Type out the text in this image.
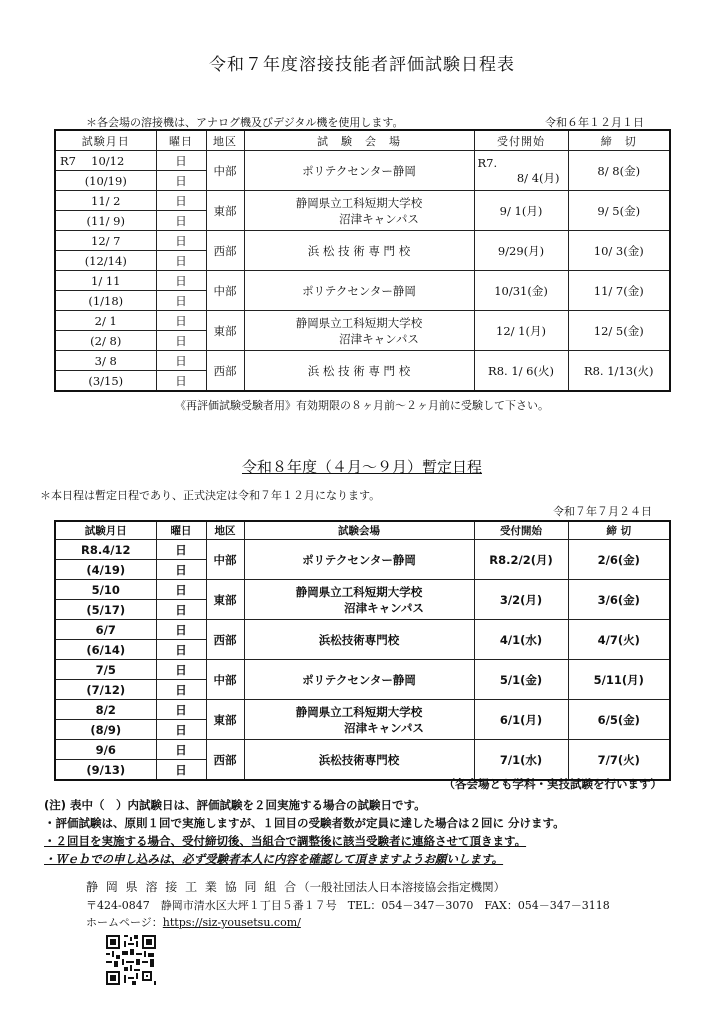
令和７年度溶接技能者評価試験日程表
＊各会場の溶接機は、アナログ機及びデジタル機を使用します。	令和６年１２月１日
試験月日	曜日	地区	試　験　会　場	受付開始	締　切
R7　 10/12	日	中部	ポリテクセンター静岡	R7.
8/ 4(月)	8/ 8(金)
(10/19)	日				
11/ 2	日	東部	静岡県立工科短期大学校
沼津キャンパス	9/ 1(月)	9/ 5(金)
(11/ 9)	日				
12/ 7	日	西部	浜 松 技 術 専 門 校	9/29(月)	10/ 3(金)
(12/14)	日				
1/ 11	日	中部	ポリテクセンター静岡	10/31(金)	11/ 7(金)
(1/18)	日				
2/ 1	日	東部	静岡県立工科短期大学校
沼津キャンパス	12/ 1(月)	12/ 5(金)
(2/ 8)	日				
3/ 8	日	西部	浜 松 技 術 専 門 校	R8. 1/ 6(火)	R8. 1/13(火)
(3/15)	日				
《再評価試験受験者用》有効期限の８ヶ月前～２ヶ月前に受験して下さい。
令和８年度（４月～９月）暫定日程
＊本日程は暫定日程であり、正式決定は令和７年１２月になります。
令和７年７月２４日
試験月日	曜日	地区	試験会場	受付開始	締 切
R8.4/12	日	中部	ポリテクセンター静岡	R8.2/2(月)	2/6(金)
(4/19)	日				
5/10	日	東部	静岡県立工科短期大学校
沼津キャンパス	3/2(月)	3/6(金)
(5/17)	日				
6/7	日	西部	浜松技術専門校	4/1(水)	4/7(火)
(6/14)	日				
7/5	日	中部	ポリテクセンター静岡	5/1(金)	5/11(月)
(7/12)	日				
8/2	日	東部	静岡県立工科短期大学校
沼津キャンパス	6/1(月)	6/5(金)
(8/9)	日				
9/6	日	西部	浜松技術専門校	7/1(水)	7/7(火)
(9/13)	日				
（各会場とも学科・実技試験を行います）
(注) 表中（　）内試験日は、評価試験を２回実施する場合の試験日です。
・評価試験は、原則１回で実施しますが、１回目の受験者数が定員に達した場合は２回に 分けます。
・２回目を実施する場合、受付締切後、当組合で調整後に該当受験者に連絡させて頂きます。
・Ｗｅｂでの申し込みは、必ず受験者本人に内容を確認して頂きますようお願いします。
静 岡 県 溶 接 工 業 協 同 組 合（一般社団法人日本溶接協会指定機関）
〒424-0847　静岡市清水区大坪１丁目５番１７号　TEL：054－347－3070　FAX：054－347－3118
ホームページ：https://siz-yousetsu.com/
